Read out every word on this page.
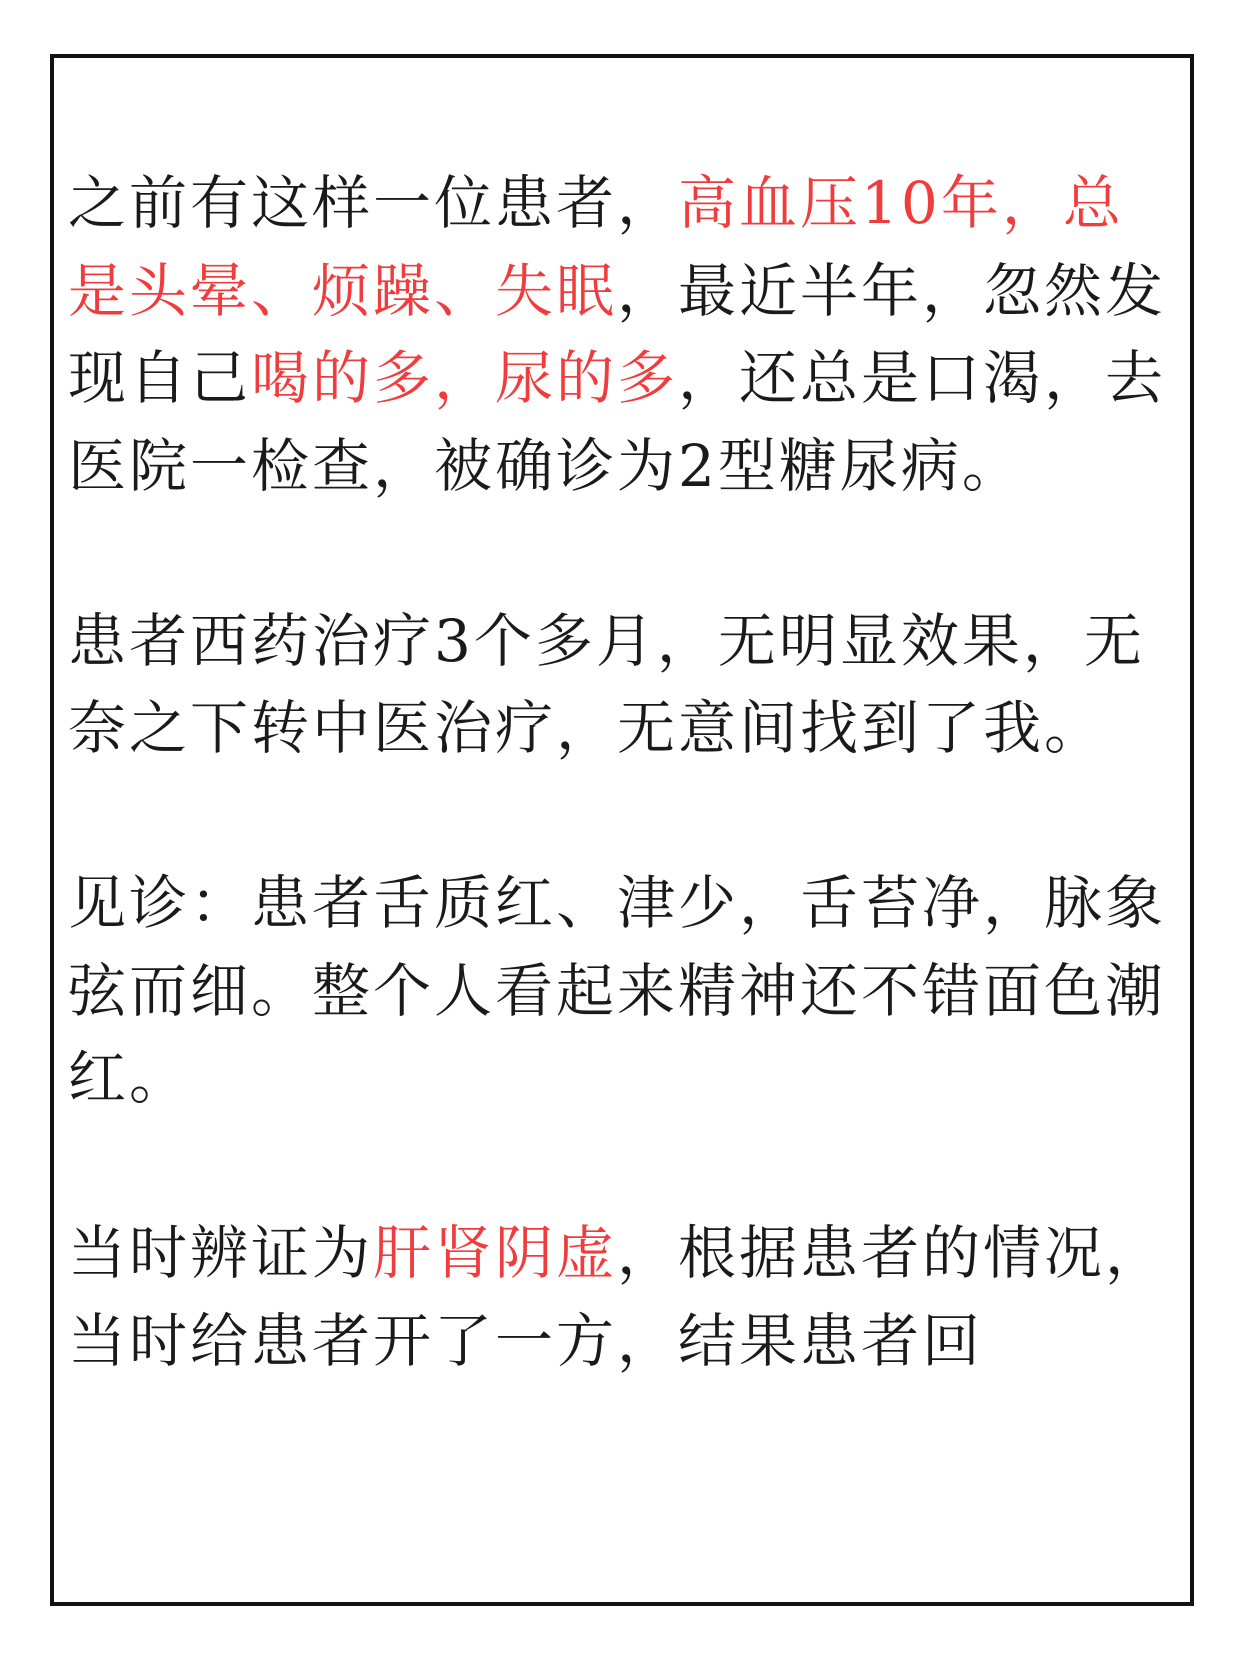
之前有这样一位患者，高血压10年，总是头晕、烦躁、失眠，最近半年，忽然发现自己喝的多，尿的多，还总是口渴，去医院一检查，被确诊为2型糖尿病。

患者西药治疗3个多月，无明显效果，无奈之下转中医治疗，无意间找到了我。

见诊：患者舌质红、津少，舌苔净，脉象弦而细。整个人看起来精神还不错面色潮红。

当时辨证为肝肾阴虚，根据患者的情况，当时给患者开了一方，结果患者回
